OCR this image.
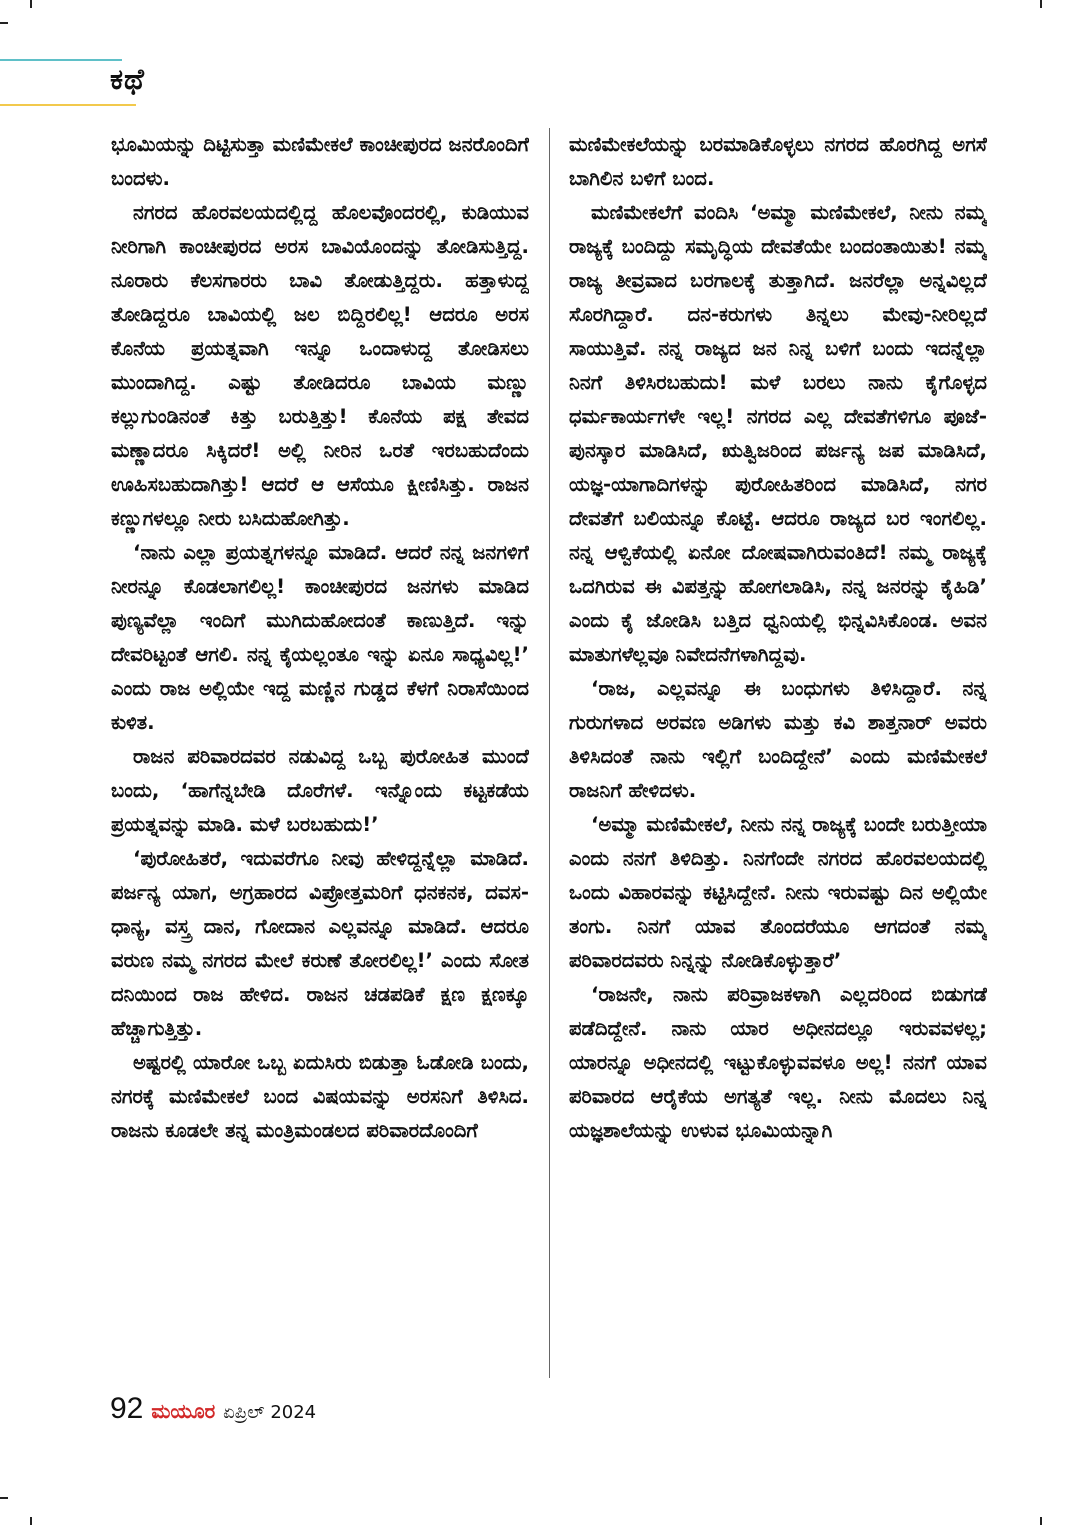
ಕಥೆ

ಭೂಮಿಯನ್ನು ದಿಟ್ಟಿಸುತ್ತಾ ಮಣಿಮೇಕಲೆ ಕಾಂಚೀಪುರದ ಜನರೊಂದಿಗೆ ಬಂದಳು.

ನಗರದ ಹೊರವಲಯದಲ್ಲಿದ್ದ ಹೊಲವೊಂದರಲ್ಲಿ, ಕುಡಿಯುವ ನೀರಿಗಾಗಿ ಕಾಂಚೀಪುರದ ಅರಸ ಬಾವಿಯೊಂದನ್ನು ತೋಡಿಸುತ್ತಿದ್ದ. ನೂರಾರು ಕೆಲಸಗಾರರು ಬಾವಿ ತೋಡುತ್ತಿದ್ದರು. ಹತ್ತಾಳುದ್ದ ತೋಡಿದ್ದರೂ ಬಾವಿಯಲ್ಲಿ ಜಲ ಬಿದ್ದಿರಲಿಲ್ಲ! ಆದರೂ ಅರಸ ಕೊನೆಯ ಪ್ರಯತ್ನವಾಗಿ ಇನ್ನೂ ಒಂದಾಳುದ್ದ ತೋಡಿಸಲು ಮುಂದಾಗಿದ್ದ. ಎಷ್ಟು ತೋಡಿದರೂ ಬಾವಿಯ ಮಣ್ಣು ಕಲ್ಲುಗುಂಡಿನಂತೆ ಕಿತ್ತು ಬರುತ್ತಿತ್ತು! ಕೊನೆಯ ಪಕ್ಷ ತೇವದ ಮಣ್ಣಾದರೂ ಸಿಕ್ಕಿದರೆ! ಅಲ್ಲಿ ನೀರಿನ ಒರತೆ ಇರಬಹುದೆಂದು ಊಹಿಸಬಹುದಾಗಿತ್ತು! ಆದರೆ ಆ ಆಸೆಯೂ ಕ್ಷೀಣಿಸಿತ್ತು. ರಾಜನ ಕಣ್ಣುಗಳಲ್ಲೂ ನೀರು ಬಸಿದುಹೋಗಿತ್ತು.

‘ನಾನು ಎಲ್ಲಾ ಪ್ರಯತ್ನಗಳನ್ನೂ ಮಾಡಿದೆ. ಆದರೆ ನನ್ನ ಜನಗಳಿಗೆ ನೀರನ್ನೂ ಕೊಡಲಾಗಲಿಲ್ಲ! ಕಾಂಚೀಪುರದ ಜನಗಳು ಮಾಡಿದ ಪುಣ್ಯವೆಲ್ಲಾ ಇಂದಿಗೆ ಮುಗಿದುಹೋದಂತೆ ಕಾಣುತ್ತಿದೆ. ಇನ್ನು ದೇವರಿಟ್ಟಂತೆ ಆಗಲಿ. ನನ್ನ ಕೈಯಲ್ಲಂತೂ ಇನ್ನು ಏನೂ ಸಾಧ್ಯವಿಲ್ಲ!’ ಎಂದು ರಾಜ ಅಲ್ಲಿಯೇ ಇದ್ದ ಮಣ್ಣಿನ ಗುಡ್ಡದ ಕೆಳಗೆ ನಿರಾಸೆಯಿಂದ ಕುಳಿತ.

ರಾಜನ ಪರಿವಾರದವರ ನಡುವಿದ್ದ ಒಬ್ಬ ಪುರೋಹಿತ ಮುಂದೆ ಬಂದು, ‘ಹಾಗೆನ್ನಬೇಡಿ ದೊರೆಗಳೆ. ಇನ್ನೊಂದು ಕಟ್ಟಕಡೆಯ ಪ್ರಯತ್ನವನ್ನು ಮಾಡಿ. ಮಳೆ ಬರಬಹುದು!’

‘ಪುರೋಹಿತರೆ, ಇದುವರೆಗೂ ನೀವು ಹೇಳಿದ್ದನ್ನೆಲ್ಲಾ ಮಾಡಿದೆ. ಪರ್ಜನ್ಯ ಯಾಗ, ಅಗ್ರಹಾರದ ವಿಪ್ರೋತ್ತಮರಿಗೆ ಧನಕನಕ, ದವಸ-ಧಾನ್ಯ, ವಸ್ತ್ರ ದಾನ, ಗೋದಾನ ಎಲ್ಲವನ್ನೂ ಮಾಡಿದೆ. ಆದರೂ ವರುಣ ನಮ್ಮ ನಗರದ ಮೇಲೆ ಕರುಣೆ ತೋರಲಿಲ್ಲ!’ ಎಂದು ಸೋತ ದನಿಯಿಂದ ರಾಜ ಹೇಳಿದ. ರಾಜನ ಚಡಪಡಿಕೆ ಕ್ಷಣ ಕ್ಷಣಕ್ಕೂ ಹೆಚ್ಚಾಗುತ್ತಿತ್ತು.

ಅಷ್ಟರಲ್ಲಿ ಯಾರೋ ಒಬ್ಬ ಏದುಸಿರು ಬಿಡುತ್ತಾ ಓಡೋಡಿ ಬಂದು, ನಗರಕ್ಕೆ ಮಣಿಮೇಕಲೆ ಬಂದ ವಿಷಯವನ್ನು ಅರಸನಿಗೆ ತಿಳಿಸಿದ. ರಾಜನು ಕೂಡಲೇ ತನ್ನ ಮಂತ್ರಿಮಂಡಲದ ಪರಿವಾರದೊಂದಿಗೆ

ಮಣಿಮೇಕಲೆಯನ್ನು ಬರಮಾಡಿಕೊಳ್ಳಲು ನಗರದ ಹೊರಗಿದ್ದ ಅಗಸೆ ಬಾಗಿಲಿನ ಬಳಿಗೆ ಬಂದ.

ಮಣಿಮೇಕಲೆಗೆ ವಂದಿಸಿ ‘ಅಮ್ಮಾ ಮಣಿಮೇಕಲೆ, ನೀನು ನಮ್ಮ ರಾಜ್ಯಕ್ಕೆ ಬಂದಿದ್ದು ಸಮೃದ್ಧಿಯ ದೇವತೆಯೇ ಬಂದಂತಾಯಿತು! ನಮ್ಮ ರಾಜ್ಯ ತೀವ್ರವಾದ ಬರಗಾಲಕ್ಕೆ ತುತ್ತಾಗಿದೆ. ಜನರೆಲ್ಲಾ ಅನ್ನವಿಲ್ಲದೆ ಸೊರಗಿದ್ದಾರೆ. ದನ-ಕರುಗಳು ತಿನ್ನಲು ಮೇವು-ನೀರಿಲ್ಲದೆ ಸಾಯುತ್ತಿವೆ. ನನ್ನ ರಾಜ್ಯದ ಜನ ನಿನ್ನ ಬಳಿಗೆ ಬಂದು ಇದನ್ನೆಲ್ಲಾ ನಿನಗೆ ತಿಳಿಸಿರಬಹುದು! ಮಳೆ ಬರಲು ನಾನು ಕೈಗೊಳ್ಳದ ಧರ್ಮಕಾರ್ಯಗಳೇ ಇಲ್ಲ! ನಗರದ ಎಲ್ಲ ದೇವತೆಗಳಿಗೂ ಪೂಜೆ-ಪುನಸ್ಕಾರ ಮಾಡಿಸಿದೆ, ಋತ್ವಿಜರಿಂದ ಪರ್ಜನ್ಯ ಜಪ ಮಾಡಿಸಿದೆ, ಯಜ್ಞ-ಯಾಗಾದಿಗಳನ್ನು ಪುರೋಹಿತರಿಂದ ಮಾಡಿಸಿದೆ, ನಗರ ದೇವತೆಗೆ ಬಲಿಯನ್ನೂ ಕೊಟ್ಟೆ. ಆದರೂ ರಾಜ್ಯದ ಬರ ಇಂಗಲಿಲ್ಲ. ನನ್ನ ಆಳ್ವಿಕೆಯಲ್ಲಿ ಏನೋ ದೋಷವಾಗಿರುವಂತಿದೆ! ನಮ್ಮ ರಾಜ್ಯಕ್ಕೆ ಒದಗಿರುವ ಈ ವಿಪತ್ತನ್ನು ಹೋಗಲಾಡಿಸಿ, ನನ್ನ ಜನರನ್ನು ಕೈಹಿಡಿ’ ಎಂದು ಕೈ ಜೋಡಿಸಿ ಬತ್ತಿದ ಧ್ವನಿಯಲ್ಲಿ ಭಿನ್ನವಿಸಿಕೊಂಡ. ಅವನ ಮಾತುಗಳೆಲ್ಲವೂ ನಿವೇದನೆಗಳಾಗಿದ್ದವು.

‘ರಾಜ, ಎಲ್ಲವನ್ನೂ ಈ ಬಂಧುಗಳು ತಿಳಿಸಿದ್ದಾರೆ. ನನ್ನ ಗುರುಗಳಾದ ಅರವಣ ಅಡಿಗಳು ಮತ್ತು ಕವಿ ಶಾತ್ತನಾರ್ ಅವರು ತಿಳಿಸಿದಂತೆ ನಾನು ಇಲ್ಲಿಗೆ ಬಂದಿದ್ದೇನೆ’ ಎಂದು ಮಣಿಮೇಕಲೆ ರಾಜನಿಗೆ ಹೇಳಿದಳು.

‘ಅಮ್ಮಾ ಮಣಿಮೇಕಲೆ, ನೀನು ನನ್ನ ರಾಜ್ಯಕ್ಕೆ ಬಂದೇ ಬರುತ್ತೀಯಾ ಎಂದು ನನಗೆ ತಿಳಿದಿತ್ತು. ನಿನಗೆಂದೇ ನಗರದ ಹೊರವಲಯದಲ್ಲಿ ಒಂದು ವಿಹಾರವನ್ನು ಕಟ್ಟಿಸಿದ್ದೇನೆ. ನೀನು ಇರುವಷ್ಟು ದಿನ ಅಲ್ಲಿಯೇ ತಂಗು. ನಿನಗೆ ಯಾವ ತೊಂದರೆಯೂ ಆಗದಂತೆ ನಮ್ಮ ಪರಿವಾರದವರು ನಿನ್ನನ್ನು ನೋಡಿಕೊಳ್ಳುತ್ತಾರೆ’

‘ರಾಜನೇ, ನಾನು ಪರಿವ್ರಾಜಕಳಾಗಿ ಎಲ್ಲದರಿಂದ ಬಿಡುಗಡೆ ಪಡೆದಿದ್ದೇನೆ. ನಾನು ಯಾರ ಅಧೀನದಲ್ಲೂ ಇರುವವಳಲ್ಲ; ಯಾರನ್ನೂ ಅಧೀನದಲ್ಲಿ ಇಟ್ಟುಕೊಳ್ಳುವವಳೂ ಅಲ್ಲ! ನನಗೆ ಯಾವ ಪರಿವಾರದ ಆರೈಕೆಯ ಅಗತ್ಯತೆ ಇಲ್ಲ. ನೀನು ಮೊದಲು ನಿನ್ನ ಯಜ್ಞಶಾಲೆಯನ್ನು ಉಳುವ ಭೂಮಿಯನ್ನಾಗಿ

92 ಮಯೂರ ಏಪ್ರಿಲ್ 2024
